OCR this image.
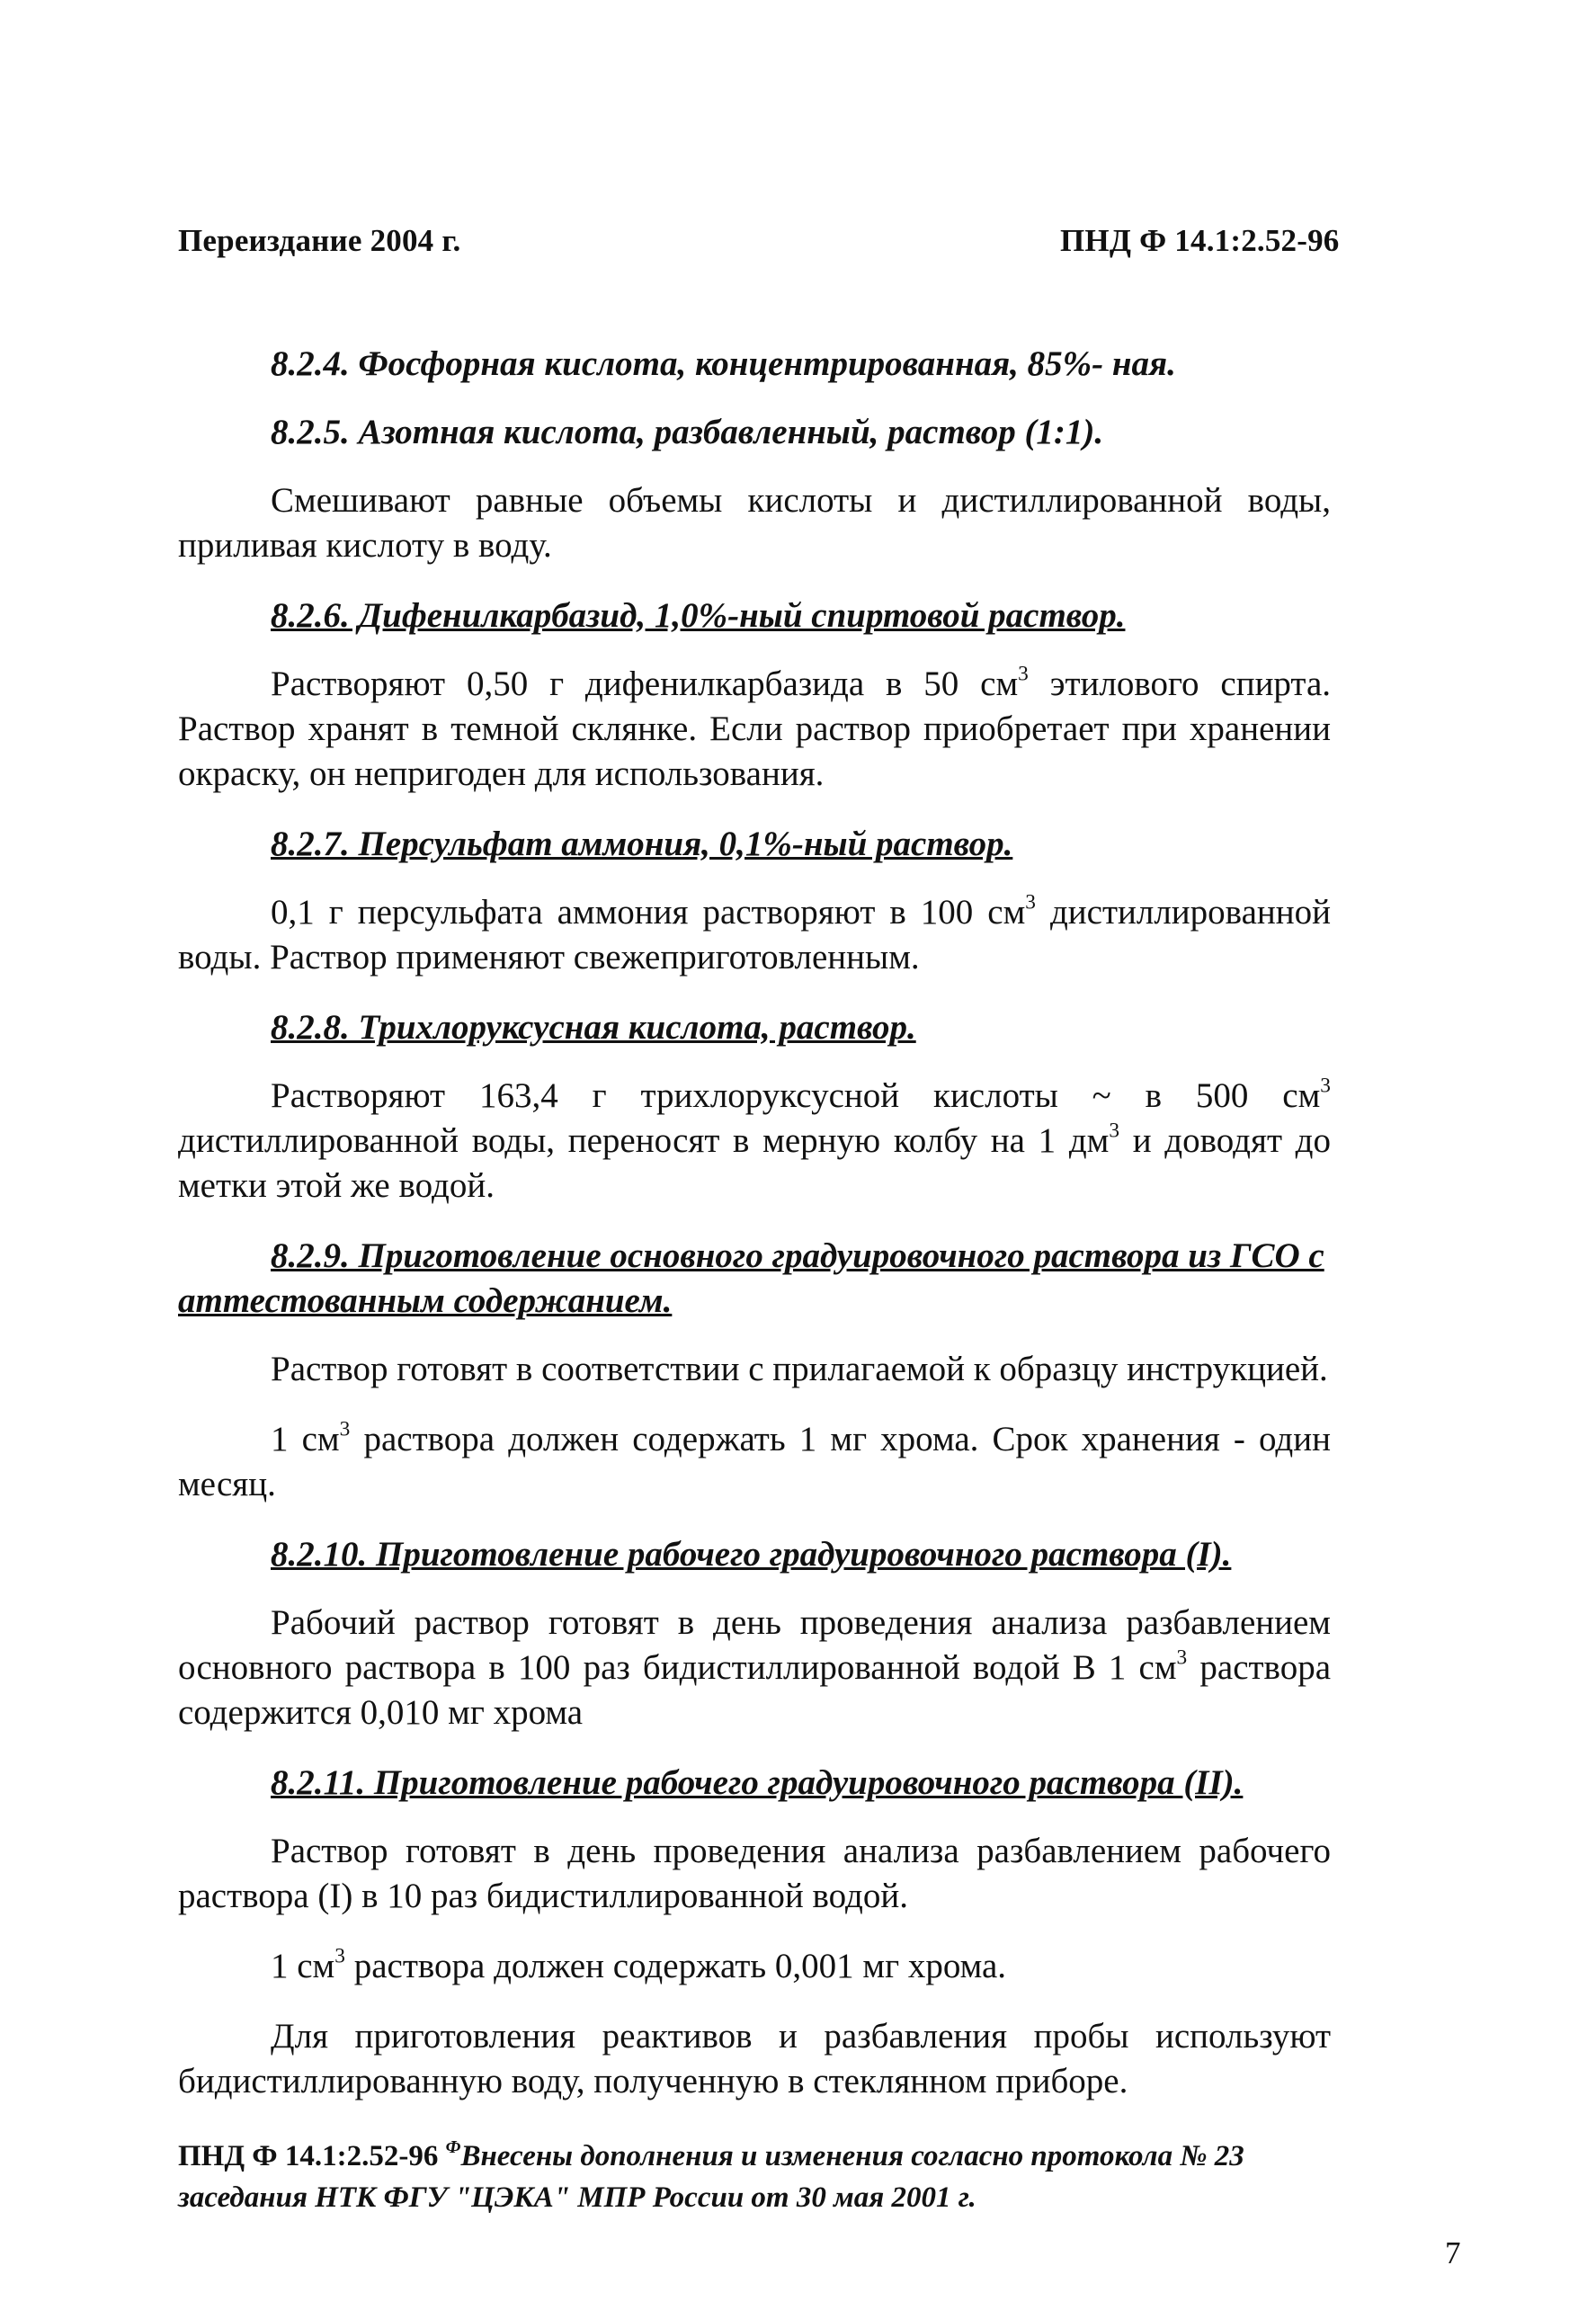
Переиздание 2004 г.	ПНД Ф 14.1:2.52-96
8.2.4. Фосфорная кислота, концентрированная, 85%- ная.
8.2.5. Азотная кислота, разбавленный, раствор (1:1).
Смешивают равные объемы кислоты и дистиллированной воды, приливая кислоту в воду.
8.2.6. Дифенилкарбазид, 1,0%-ный спиртовой раствор.
Растворяют 0,50 г дифенилкарбазида в 50 $см^3$ этилового спирта. Раствор хранят в темной склянке. Если раствор приобретает при хранении окраску, он непригоден для использования.
8.2.7. Персульфат аммония, 0,1%-ный раствор.
0,1 г персульфата аммония растворяют в 100 $см^3$ дистиллированной воды. Раствор применяют свежеприготовленным.
8.2.8. Трихлоруксусная кислота, раствор.
Растворяют 163,4 г трихлоруксусной кислоты ~ в 500 $см^3$ дистиллированной воды, переносят в мерную колбу на 1 $дм^3$ и доводят до метки этой же водой.
8.2.9. Приготовление основного градуировочного раствора из ГСО с аттестованным содержанием.
Раствор готовят в соответствии с прилагаемой к образцу инструкцией.
1 $см^3$ раствора должен содержать 1 мг хрома. Срок хранения - один месяц.
8.2.10. Приготовление рабочего градуировочного раствора (I).
Рабочий раствор готовят в день проведения анализа разбавлением основного раствора в 100 раз бидистиллированной водой В 1 $см^3$ раствора содержится 0,010 мг хрома
8.2.11. Приготовление рабочего градуировочного раствора (II).
Раствор готовят в день проведения анализа разбавлением рабочего раствора (I) в 10 раз бидистиллированной водой.
1 $см^3$ раствора должен содержать 0,001 мг хрома.
Для приготовления реактивов и разбавления пробы используют бидистиллированную воду, полученную в стеклянном приборе.
ПНД Ф 14.1:2.52-96 $^Ф$Внесены дополнения и изменения согласно протокола № 23 заседания НТК ФГУ "ЦЭКА" МПР России от 30 мая 2001 г.
7
